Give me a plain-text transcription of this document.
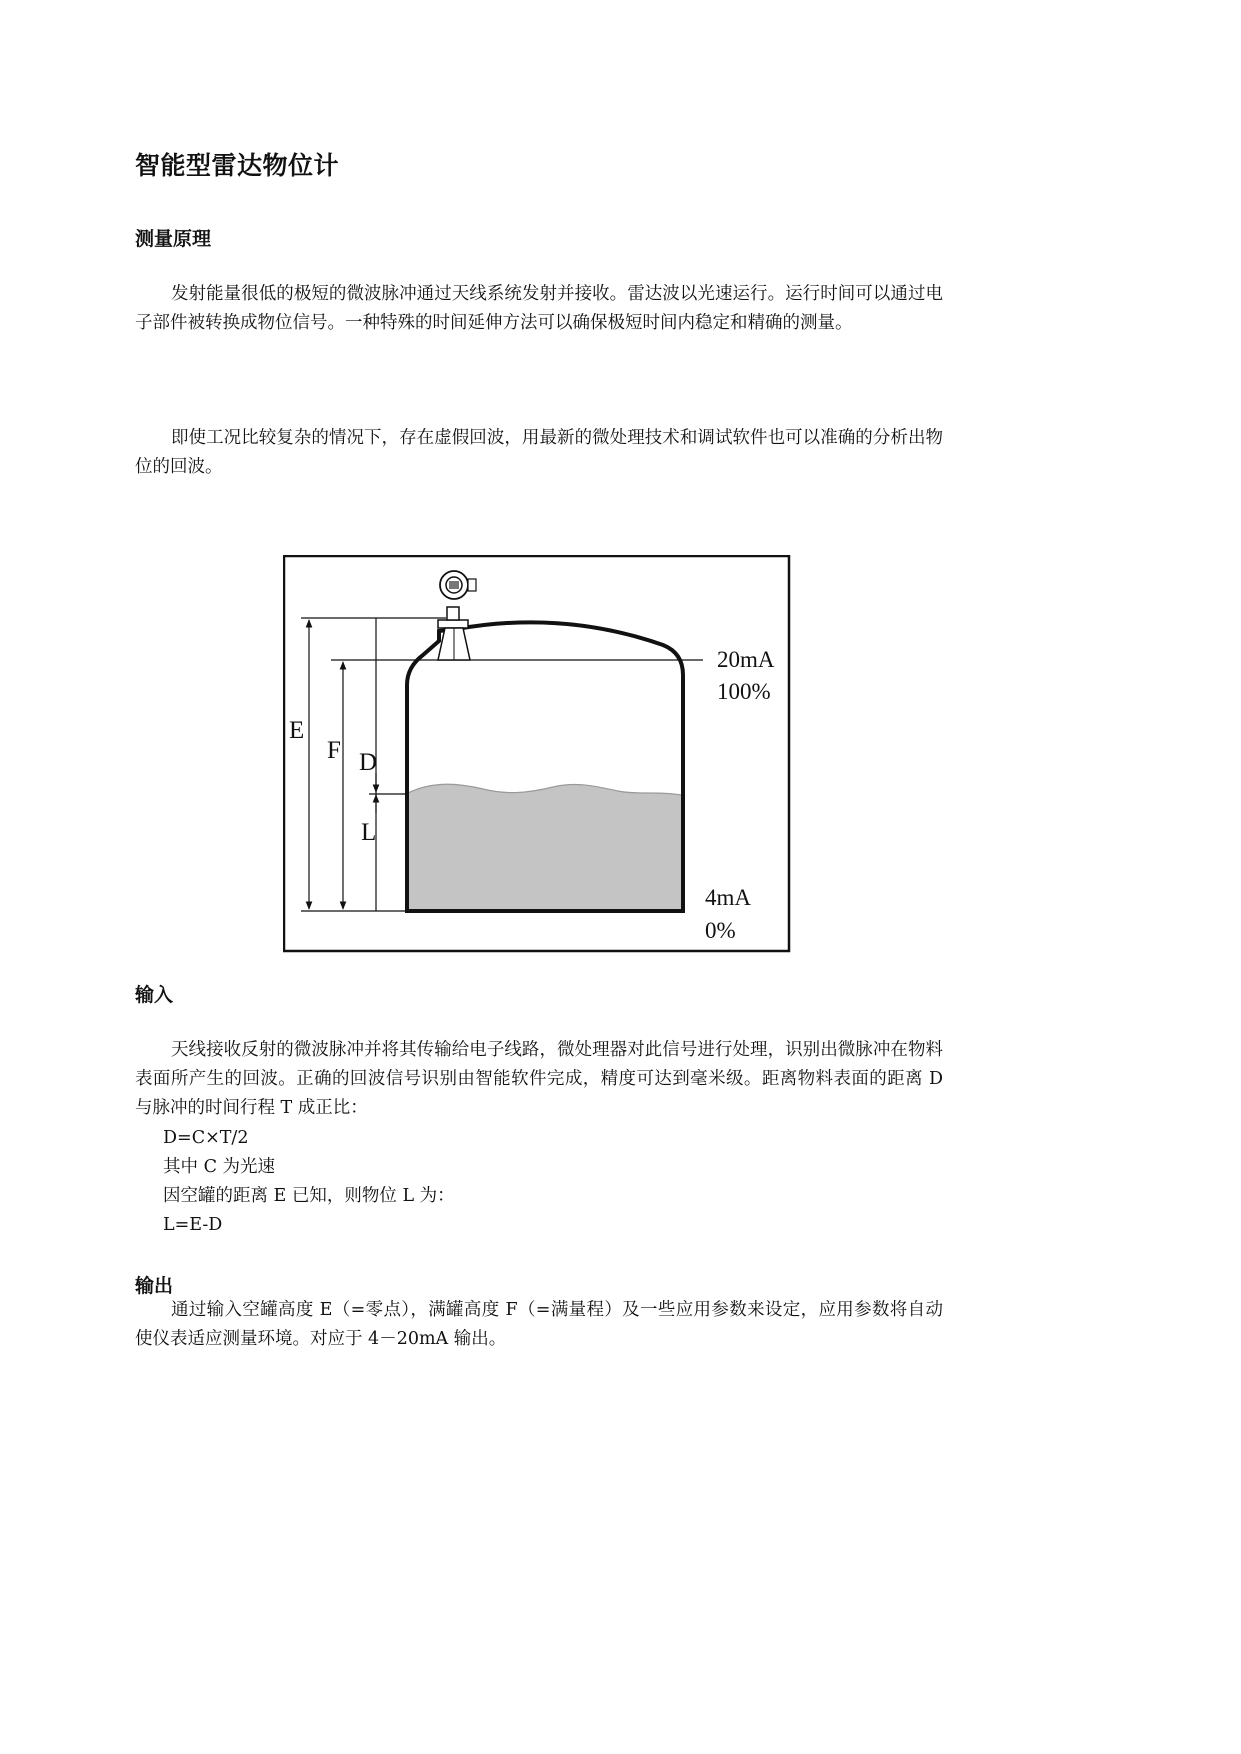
智能型雷达物位计
测量原理

发射能量很低的极短的微波脉冲通过天线系统发射并接收。雷达波以光速运行。运行时间可以通过电子部件被转换成物位信号。一种特殊的时间延伸方法可以确保极短时间内稳定和精确的测量。

即使工况比较复杂的情况下，存在虚假回波，用最新的微处理技术和调试软件也可以准确的分析出物位的回波。

E
F D
L
20mA
100%
4mA
0%
输入

天线接收反射的微波脉冲并将其传输给电子线路，微处理器对此信号进行处理，识别出微脉冲在物料表面所产生的回波。正确的回波信号识别由智能软件完成，精度可达到毫米级。距离物料表面的距离 D 与脉冲的时间行程 T 成正比：

D=C×T/2

其中 C 为光速

因空罐的距离 E 已知，则物位 L 为：

L=E-D

输出

通过输入空罐高度 E（=零点），满罐高度 F（=满量程）及一些应用参数来设定，应用参数将自动使仪表适应测量环境。对应于 4－20mA 输出。
